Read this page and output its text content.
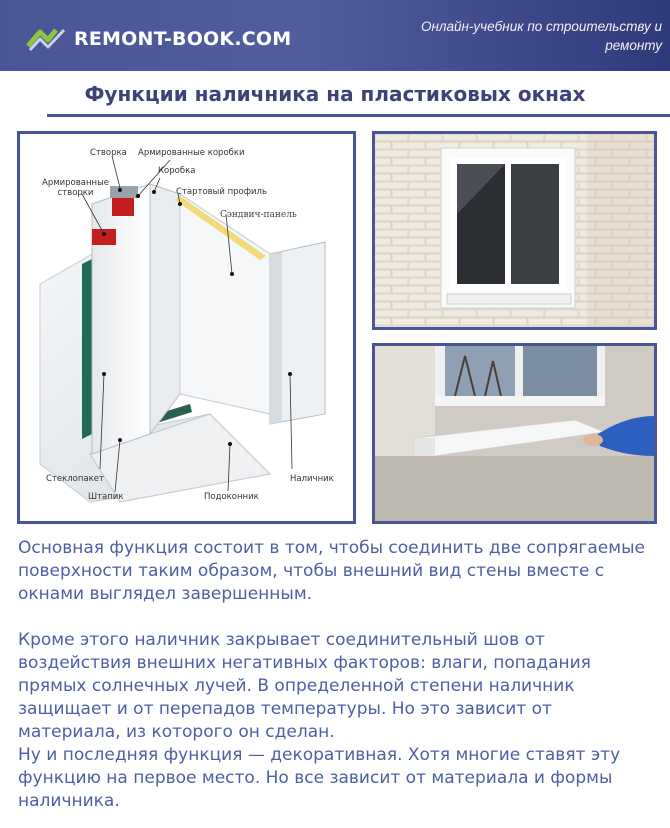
REMONT-BOOK.COM
Онлайн-учебник по строительству и ремонту
Функции наличника на пластиковых окнах
Створка Армированные коробки
Коробка
Армированные
створки	Стартовый профиль
Сэндвич-панель
Стеклопакет
Штапик	Подоконник
Наличник
Основная функция состоит в том, чтобы соединить две сопрягаемые поверхности таким образом, чтобы внешний вид стены вместе с окнами выглядел завершенным.
Кроме этого наличник закрывает соединительный шов от воздействия внешних негативных факторов: влаги, попадания прямых солнечных лучей. В определенной степени наличник защищает и от перепадов температуры. Но это зависит от материала, из которого он сделан.
Ну и последняя функция — декоративная. Хотя многие ставят эту функцию на первое место. Но все зависит от материала и формы наличника.
